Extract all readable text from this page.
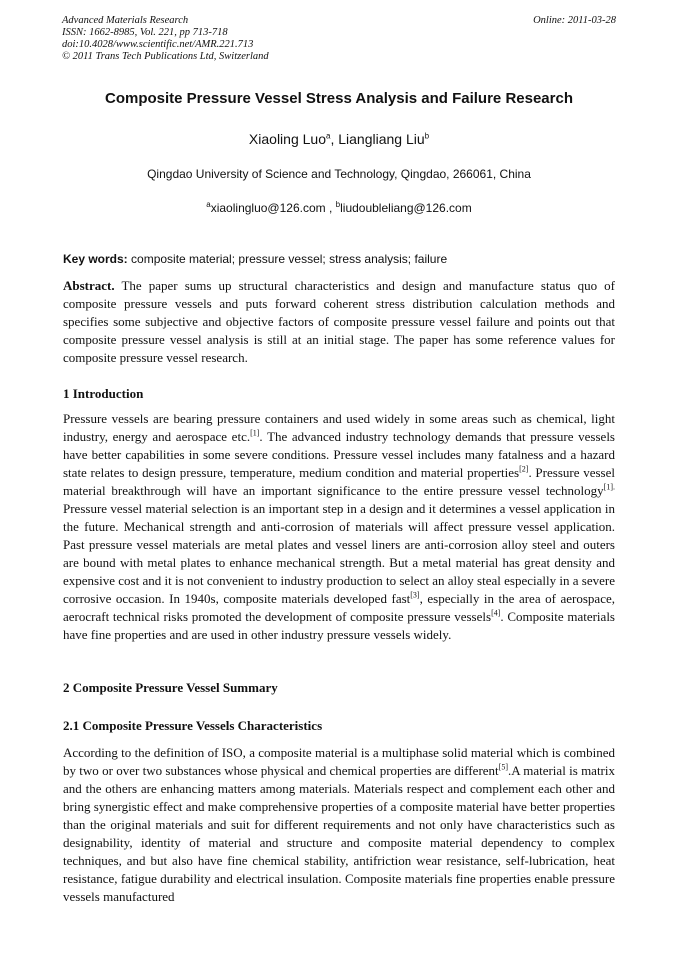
Advanced Materials Research
ISSN: 1662-8985, Vol. 221, pp 713-718
doi:10.4028/www.scientific.net/AMR.221.713
© 2011 Trans Tech Publications Ltd, Switzerland
Online: 2011-03-28
Composite Pressure Vessel Stress Analysis and Failure Research
Xiaoling Luo$^a$, Liangliang Liu$^b$
Qingdao University of Science and Technology, Qingdao, 266061, China
$^a$xiaolingluo@126.com , $^b$liudoubleliang@126.com
Key words: composite material; pressure vessel; stress analysis; failure
Abstract. The paper sums up structural characteristics and design and manufacture status quo of composite pressure vessels and puts forward coherent stress distribution calculation methods and specifies some subjective and objective factors of composite pressure vessel failure and points out that composite pressure vessel analysis is still at an initial stage. The paper has some reference values for composite pressure vessel research.
1 Introduction
Pressure vessels are bearing pressure containers and used widely in some areas such as chemical, light industry, energy and aerospace etc.[1]. The advanced industry technology demands that pressure vessels have better capabilities in some severe conditions. Pressure vessel includes many fatalness and a hazard state relates to design pressure, temperature, medium condition and material properties[2]. Pressure vessel material breakthrough will have an important significance to the entire pressure vessel technology$^{[1].}$ Pressure vessel material selection is an important step in a design and it determines a vessel application in the future. Mechanical strength and anti-corrosion of materials will affect pressure vessel application. Past pressure vessel materials are metal plates and vessel liners are anti-corrosion alloy steel and outers are bound with metal plates to enhance mechanical strength. But a metal material has great density and expensive cost and it is not convenient to industry production to select an alloy steal especially in a severe corrosive occasion. In 1940s, composite materials developed fast[3], especially in the area of aerospace, aerocraft technical risks promoted the development of composite pressure vessels[4]. Composite materials have fine properties and are used in other industry pressure vessels widely.
2 Composite Pressure Vessel Summary
2.1 Composite Pressure Vessels Characteristics
According to the definition of ISO, a composite material is a multiphase solid material which is combined by two or over two substances whose physical and chemical properties are different[5].A material is matrix and the others are enhancing matters among materials. Materials respect and complement each other and bring synergistic effect and make comprehensive properties of a composite material have better properties than the original materials and suit for different requirements and not only have characteristics such as designability, identity of material and structure and composite material dependency to complex techniques, and but also have fine chemical stability, antifriction wear resistance, self-lubrication, heat resistance, fatigue durability and electrical insulation. Composite materials fine properties enable pressure vessels manufactured
